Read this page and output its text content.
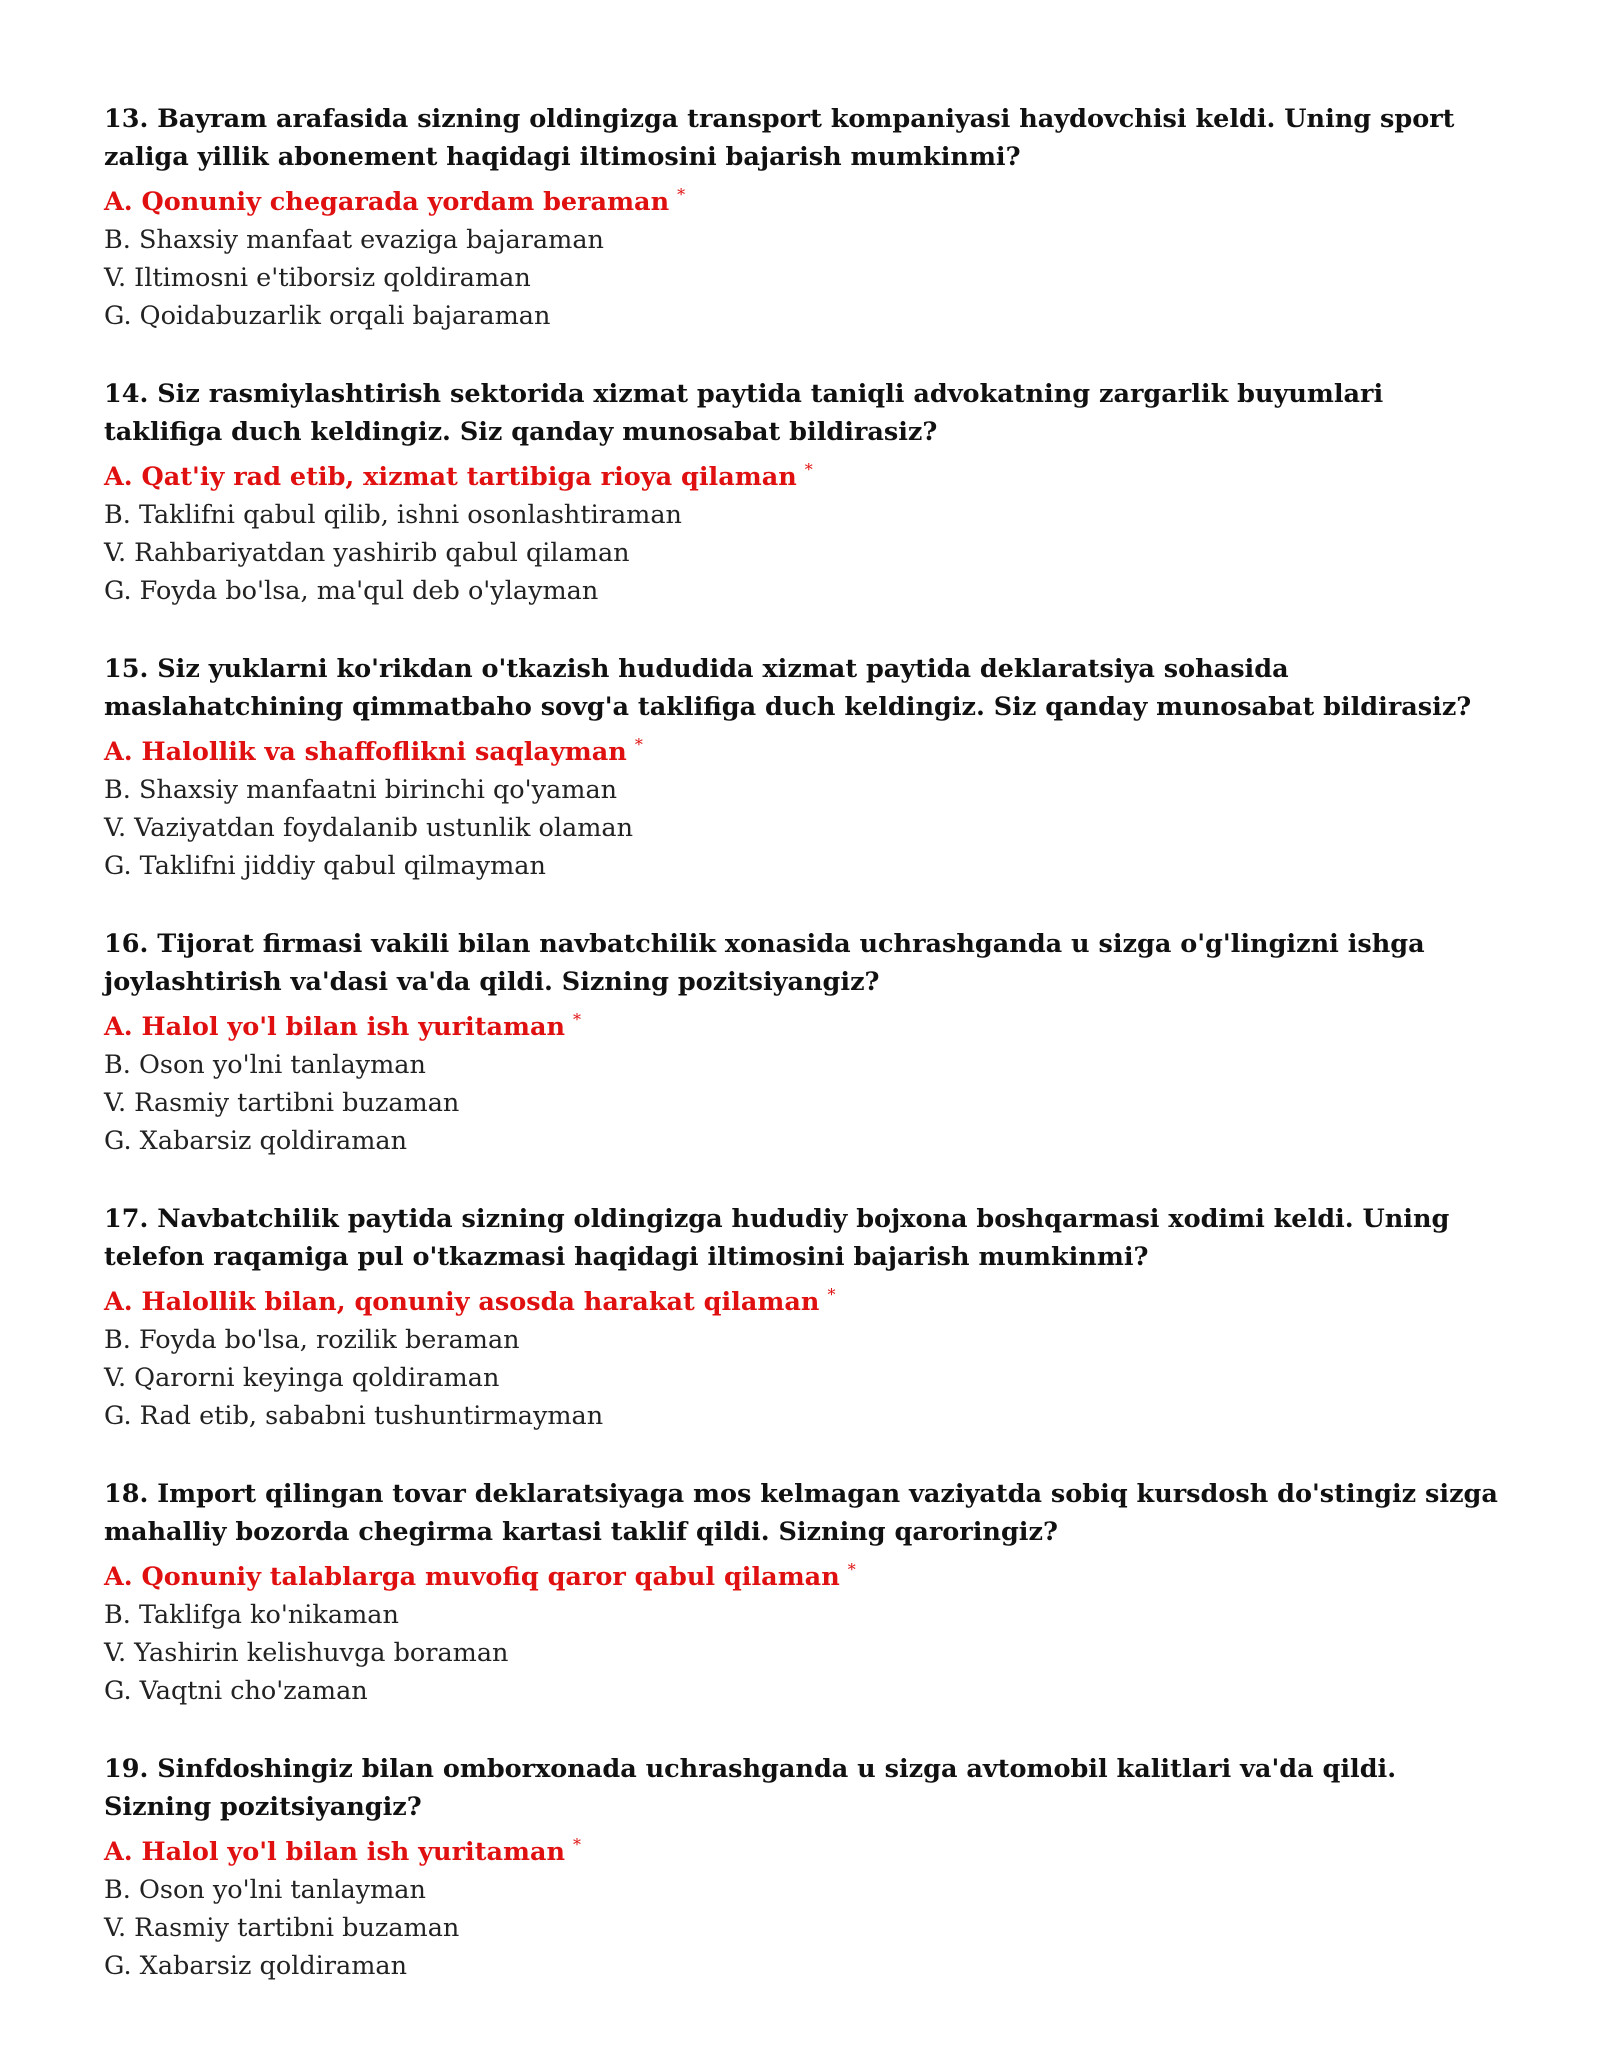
13. Bayram arafasida sizning oldingizga transport kompaniyasi haydovchisi keldi. Uning sport zaliga yillik abonement haqidagi iltimosini bajarish mumkinmi?

A. Qonuniy chegarada yordam beraman *

B. Shaxsiy manfaat evaziga bajaraman

V. Iltimosni e'tiborsiz qoldiraman

G. Qoidabuzarlik orqali bajaraman

14. Siz rasmiylashtirish sektorida xizmat paytida taniqli advokatning zargarlik buyumlari taklifiga duch keldingiz. Siz qanday munosabat bildirasiz?

A. Qat'iy rad etib, xizmat tartibiga rioya qilaman *

B. Taklifni qabul qilib, ishni osonlashtiraman

V. Rahbariyatdan yashirib qabul qilaman

G. Foyda bo'lsa, ma'qul deb o'ylayman

15. Siz yuklarni ko'rikdan o'tkazish hududida xizmat paytida deklaratsiya sohasida maslahatchining qimmatbaho sovg'a taklifiga duch keldingiz. Siz qanday munosabat bildirasiz?

A. Halollik va shaffoflikni saqlayman *

B. Shaxsiy manfaatni birinchi qo'yaman

V. Vaziyatdan foydalanib ustunlik olaman

G. Taklifni jiddiy qabul qilmayman

16. Tijorat firmasi vakili bilan navbatchilik xonasida uchrashganda u sizga o'g'lingizni ishga joylashtirish va'dasi va'da qildi. Sizning pozitsiyangiz?

A. Halol yo'l bilan ish yuritaman *

B. Oson yo'lni tanlayman

V. Rasmiy tartibni buzaman

G. Xabarsiz qoldiraman

17. Navbatchilik paytida sizning oldingizga hududiy bojxona boshqarmasi xodimi keldi. Uning telefon raqamiga pul o'tkazmasi haqidagi iltimosini bajarish mumkinmi?

A. Halollik bilan, qonuniy asosda harakat qilaman *

B. Foyda bo'lsa, rozilik beraman

V. Qarorni keyinga qoldiraman

G. Rad etib, sababni tushuntirmayman

18. Import qilingan tovar deklaratsiyaga mos kelmagan vaziyatda sobiq kursdosh do'stingiz sizga mahalliy bozorda chegirma kartasi taklif qildi. Sizning qaroringiz?

A. Qonuniy talablarga muvofiq qaror qabul qilaman *

B. Taklifga ko'nikaman

V. Yashirin kelishuvga boraman

G. Vaqtni cho'zaman

19. Sinfdoshingiz bilan omborxonada uchrashganda u sizga avtomobil kalitlari va'da qildi. Sizning pozitsiyangiz?

A. Halol yo'l bilan ish yuritaman *

B. Oson yo'lni tanlayman

V. Rasmiy tartibni buzaman

G. Xabarsiz qoldiraman
